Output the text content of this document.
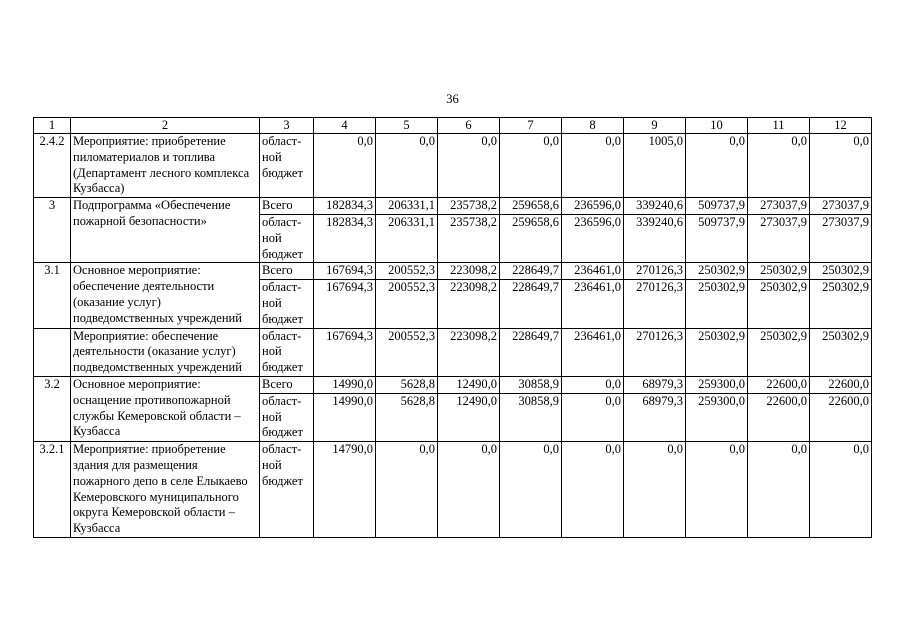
36
1	2	3	4	5	6	7	8	9	10	11	12
2.4.2	Мероприятие: приобретение пиломатериалов и топлива (Департамент лесного комплекса Кузбасса)	област-ной бюджет	0,0	0,0	0,0	0,0	0,0	1005,0	0,0	0,0	0,0
3	Подпрограмма «Обеспечение пожарной безопасности»	Всего	182834,3	206331,1	235738,2	259658,6	236596,0	339240,6	509737,9	273037,9	273037,9
		област-ной бюджет	182834,3	206331,1	235738,2	259658,6	236596,0	339240,6	509737,9	273037,9	273037,9
3.1	Основное мероприятие: обеспечение деятельности (оказание услуг) подведомственных учреждений	Всего	167694,3	200552,3	223098,2	228649,7	236461,0	270126,3	250302,9	250302,9	250302,9
		област-ной бюджет	167694,3	200552,3	223098,2	228649,7	236461,0	270126,3	250302,9	250302,9	250302,9
	Мероприятие: обеспечение деятельности (оказание услуг) подведомственных учреждений	област-ной бюджет	167694,3	200552,3	223098,2	228649,7	236461,0	270126,3	250302,9	250302,9	250302,9
3.2	Основное мероприятие: оснащение противопожарной службы Кемеровской области – Кузбасса	Всего	14990,0	5628,8	12490,0	30858,9	0,0	68979,3	259300,0	22600,0	22600,0
		област-ной бюджет	14990,0	5628,8	12490,0	30858,9	0,0	68979,3	259300,0	22600,0	22600,0
3.2.1	Мероприятие: приобретение здания для размещения пожарного депо в селе Елыкаево Кемеровского муниципального округа Кемеровской области – Кузбасса	област-ной бюджет	14790,0	0,0	0,0	0,0	0,0	0,0	0,0	0,0	0,0
